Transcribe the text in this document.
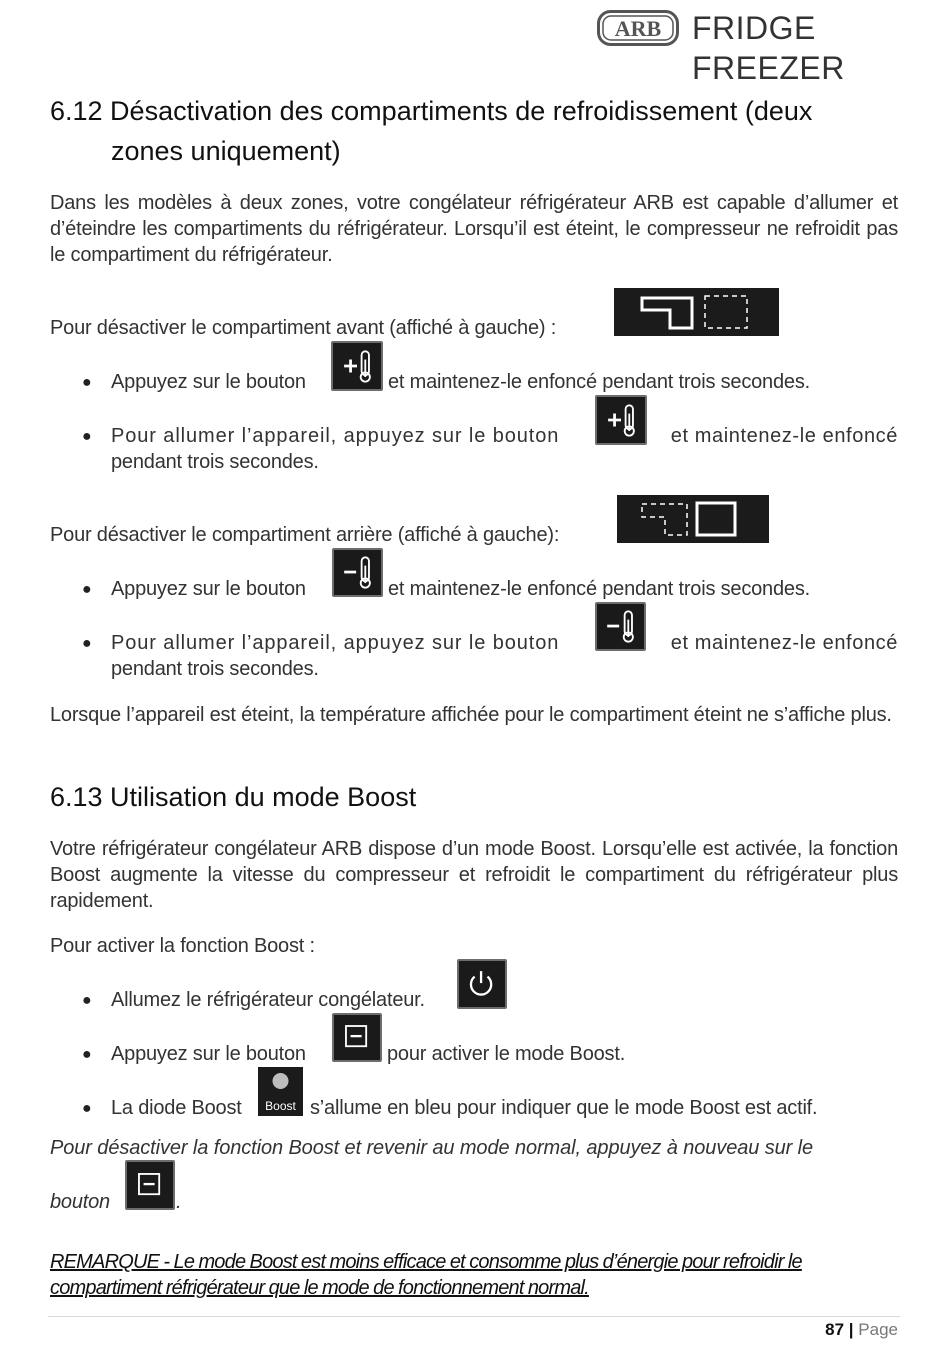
ARB FRIDGE FREEZER
6.12 Désactivation des compartiments de refroidissement (deux
zones uniquement)
Dans les modèles à deux zones, votre congélateur réfrigérateur ARB est capable d’allumer et d’éteindre les compartiments du réfrigérateur. Lorsqu’il est éteint, le compresseur ne refroidit pas le compartiment du réfrigérateur.
Pour désactiver le compartiment avant (affiché à gauche) :
● Appuyez sur le bouton	et maintenez-le enfoncé pendant trois secondes.
● Pour allumer l’appareil, appuyez sur le bouton	et maintenez-le enfoncé
pendant trois secondes.
Pour désactiver le compartiment arrière (affiché à gauche):
● Appuyez sur le bouton	et maintenez-le enfoncé pendant trois secondes.
● Pour allumer l’appareil, appuyez sur le bouton	et maintenez-le enfoncé
pendant trois secondes.
Lorsque l’appareil est éteint, la température affichée pour le compartiment éteint ne s’affiche plus.
6.13 Utilisation du mode Boost
Votre réfrigérateur congélateur ARB dispose d’un mode Boost. Lorsqu’elle est activée, la fonction Boost augmente la vitesse du compresseur et refroidit le compartiment du réfrigérateur plus rapidement.
Pour activer la fonction Boost :
● Allumez le réfrigérateur congélateur.
● Appuyez sur le bouton	pour activer le mode Boost.
● La diode Boost	Boost s’allume en bleu pour indiquer que le mode Boost est actif.
Pour désactiver la fonction Boost et revenir au mode normal, appuyez à nouveau sur le
bouton	.
REMARQUE - Le mode Boost est moins efficace et consomme plus d’énergie pour refroidir le compartiment réfrigérateur que le mode de fonctionnement normal.
87 | Page
